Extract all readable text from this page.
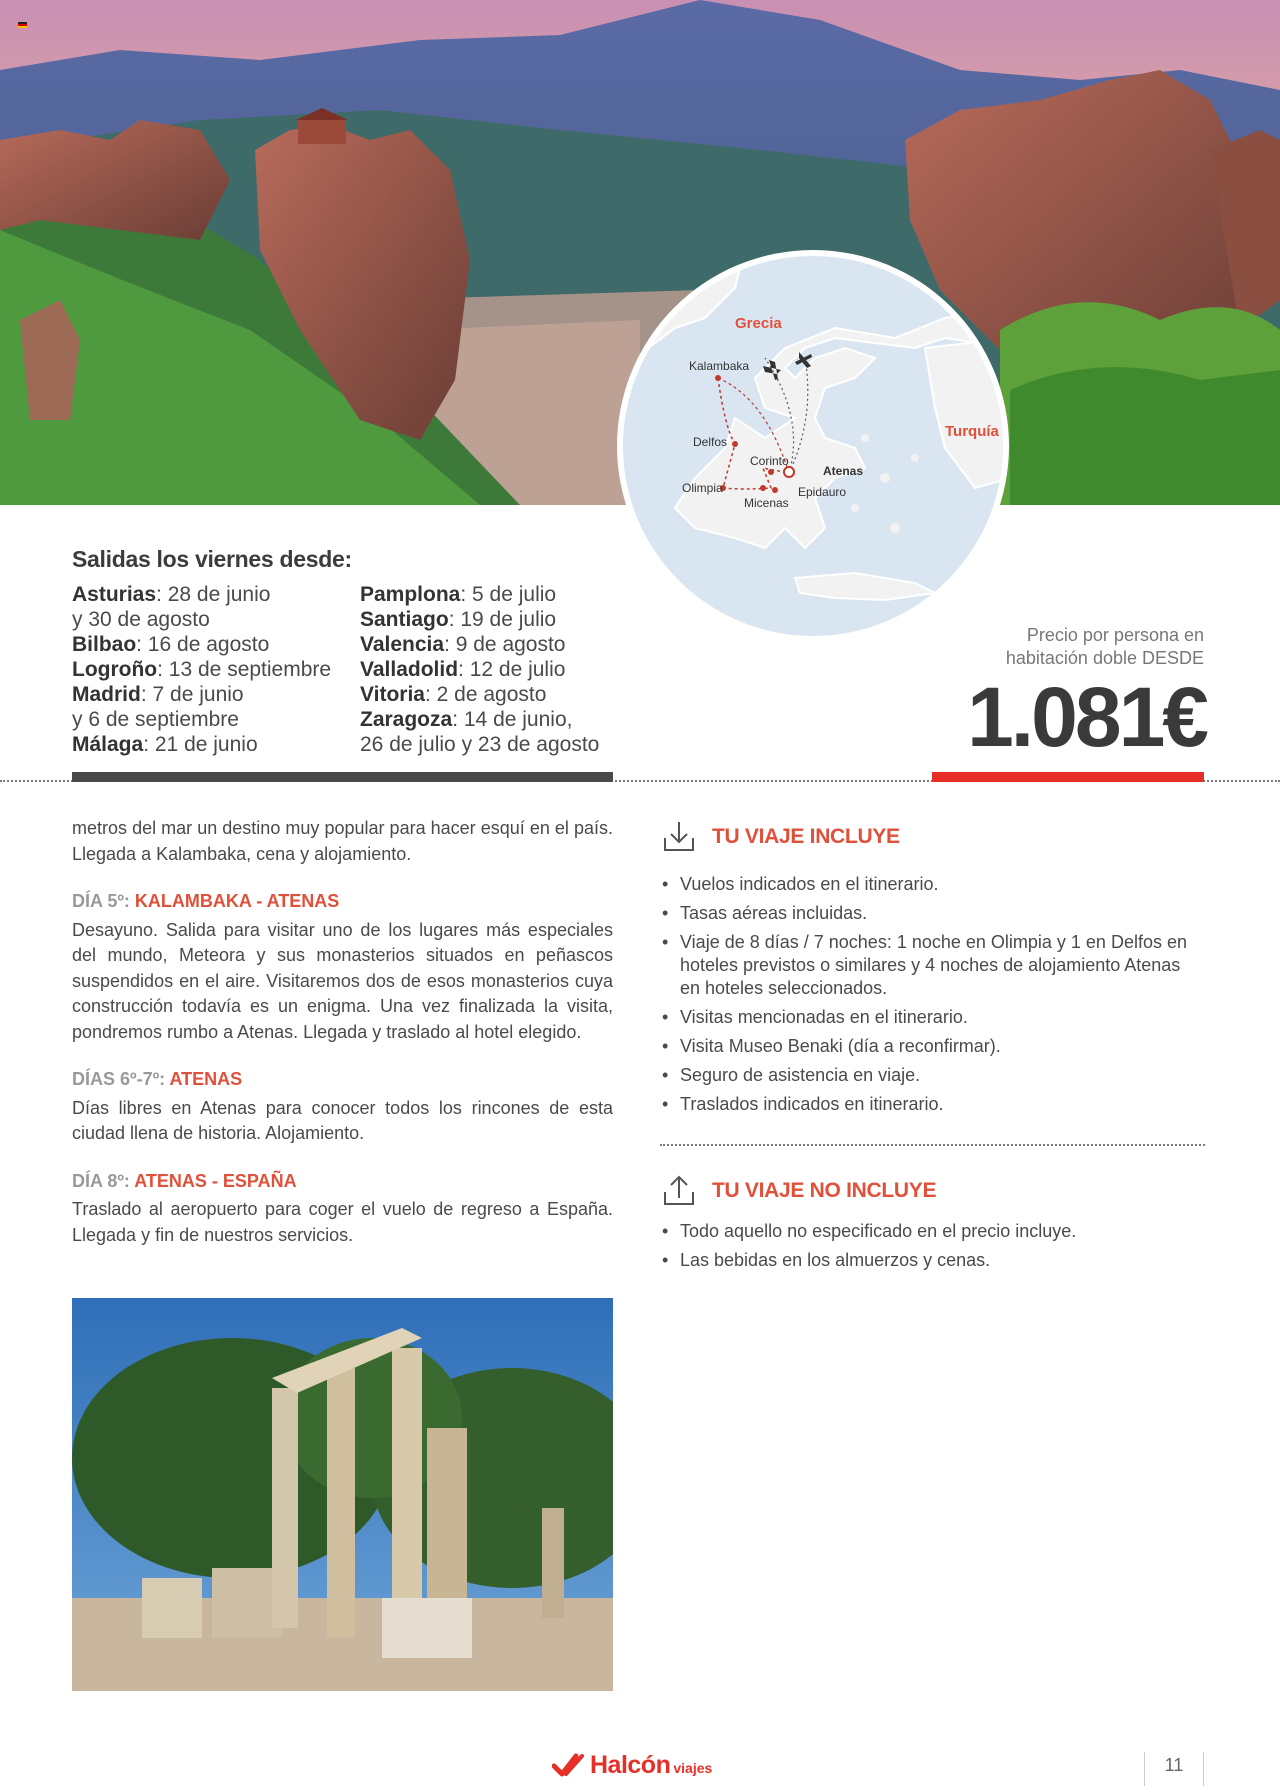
Grecia
Turquía
Kalambaka
Delfos
Corinto
Atenas
Olimpia
Micenas
Epidauro
Salidas los viernes desde:
Asturias: 28 de junio
y 30 de agosto
Bilbao: 16 de agosto
Logroño: 13 de septiembre
Madrid: 7 de junio
y 6 de septiembre
Málaga: 21 de junio
Pamplona: 5 de julio
Santiago: 19 de julio
Valencia: 9 de agosto
Valladolid: 12 de julio
Vitoria: 2 de agosto
Zaragoza: 14 de junio,
26 de julio y 23 de agosto
Precio por persona en
habitación doble DESDE
1.081€

metros del mar un destino muy popular para hacer esquí en el país. Llegada a Kalambaka, cena y alojamiento.

DÍA 5º: KALAMBAKA - ATENAS

Desayuno. Salida para visitar uno de los lugares más especiales del mundo, Meteora y sus monasterios situados en peñascos suspendidos en el aire. Visitaremos dos de esos monasterios cuya construcción todavía es un enigma. Una vez finalizada la visita, pondremos rumbo a Atenas. Llegada y traslado al hotel elegido.

DÍAS 6º-7º: ATENAS

Días libres en Atenas para conocer todos los rincones de esta ciudad llena de historia. Alojamiento.

DÍA 8º: ATENAS - ESPAÑA

Traslado al aeropuerto para coger el vuelo de regreso a España. Llegada y fin de nuestros servicios.

TU VIAJE INCLUYE
• Vuelos indicados en el itinerario.
• Tasas aéreas incluidas.
• Viaje de 8 días / 7 noches: 1 noche en Olimpia y 1 en Delfos en hoteles previstos o similares y 4 noches de alojamiento Atenas en hoteles seleccionados.
• Visitas mencionadas en el itinerario.
• Visita Museo Benaki (día a reconfirmar).
• Seguro de asistencia en viaje.
• Traslados indicados en itinerario.
TU VIAJE NO INCLUYE
• Todo aquello no especificado en el precio incluye.
• Las bebidas en los almuerzos y cenas.
Halcón viajes	11
